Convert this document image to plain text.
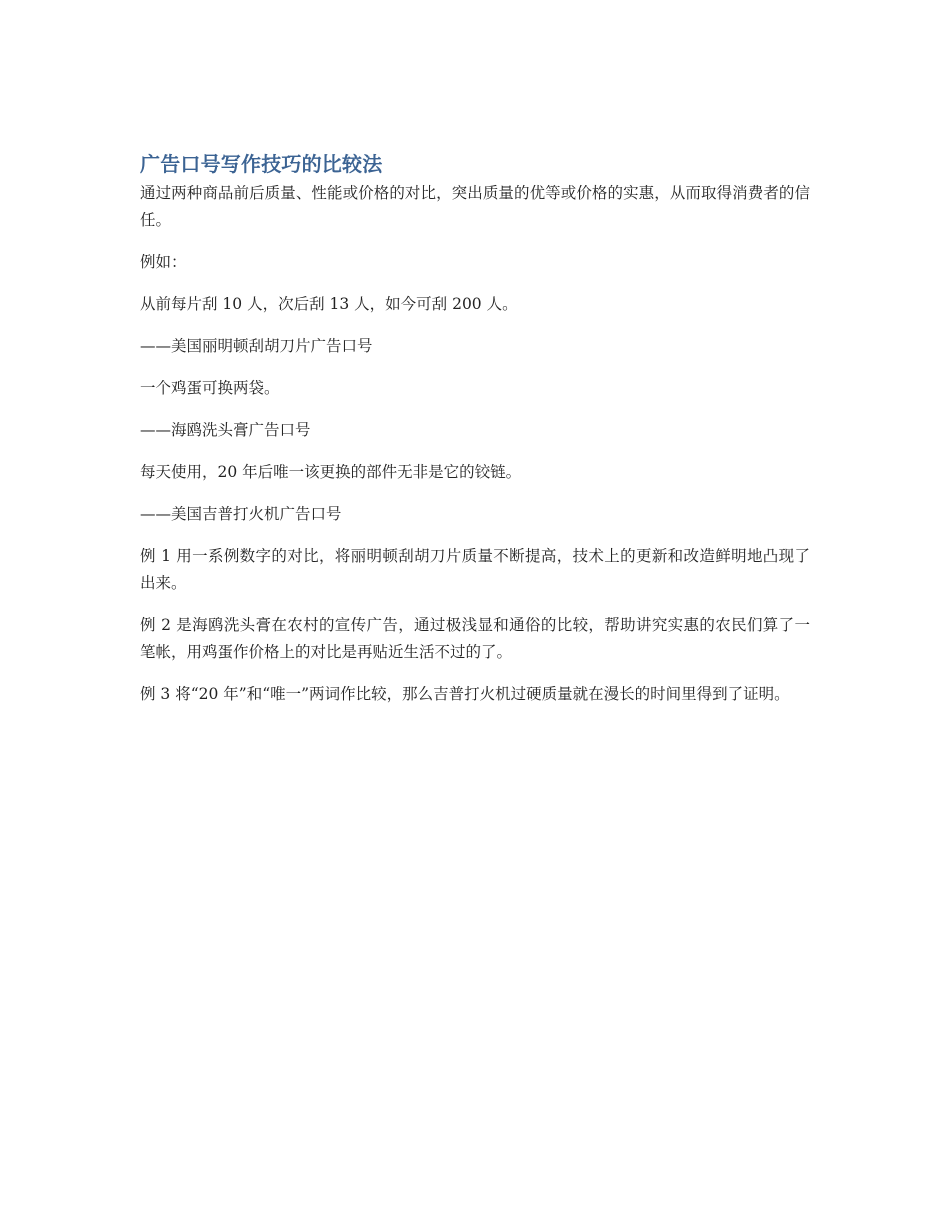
广告口号写作技巧的比较法

通过两种商品前后质量、性能或价格的对比，突出质量的优等或价格的实惠，从而取得消费者的信任。

例如：

从前每片刮 10 人，次后刮 13 人，如今可刮 200 人。

——美国丽明顿刮胡刀片广告口号

一个鸡蛋可换两袋。

——海鸥洗头膏广告口号

每天使用，20 年后唯一该更换的部件无非是它的铰链。

——美国吉普打火机广告口号

例 1 用一系例数字的对比，将丽明顿刮胡刀片质量不断提高，技术上的更新和改造鲜明地凸现了出来。

例 2 是海鸥洗头膏在农村的宣传广告，通过极浅显和通俗的比较，帮助讲究实惠的农民们算了一笔帐，用鸡蛋作价格上的对比是再贴近生活不过的了。

例 3 将“20 年”和“唯一”两词作比较，那么吉普打火机过硬质量就在漫长的时间里得到了证明。
